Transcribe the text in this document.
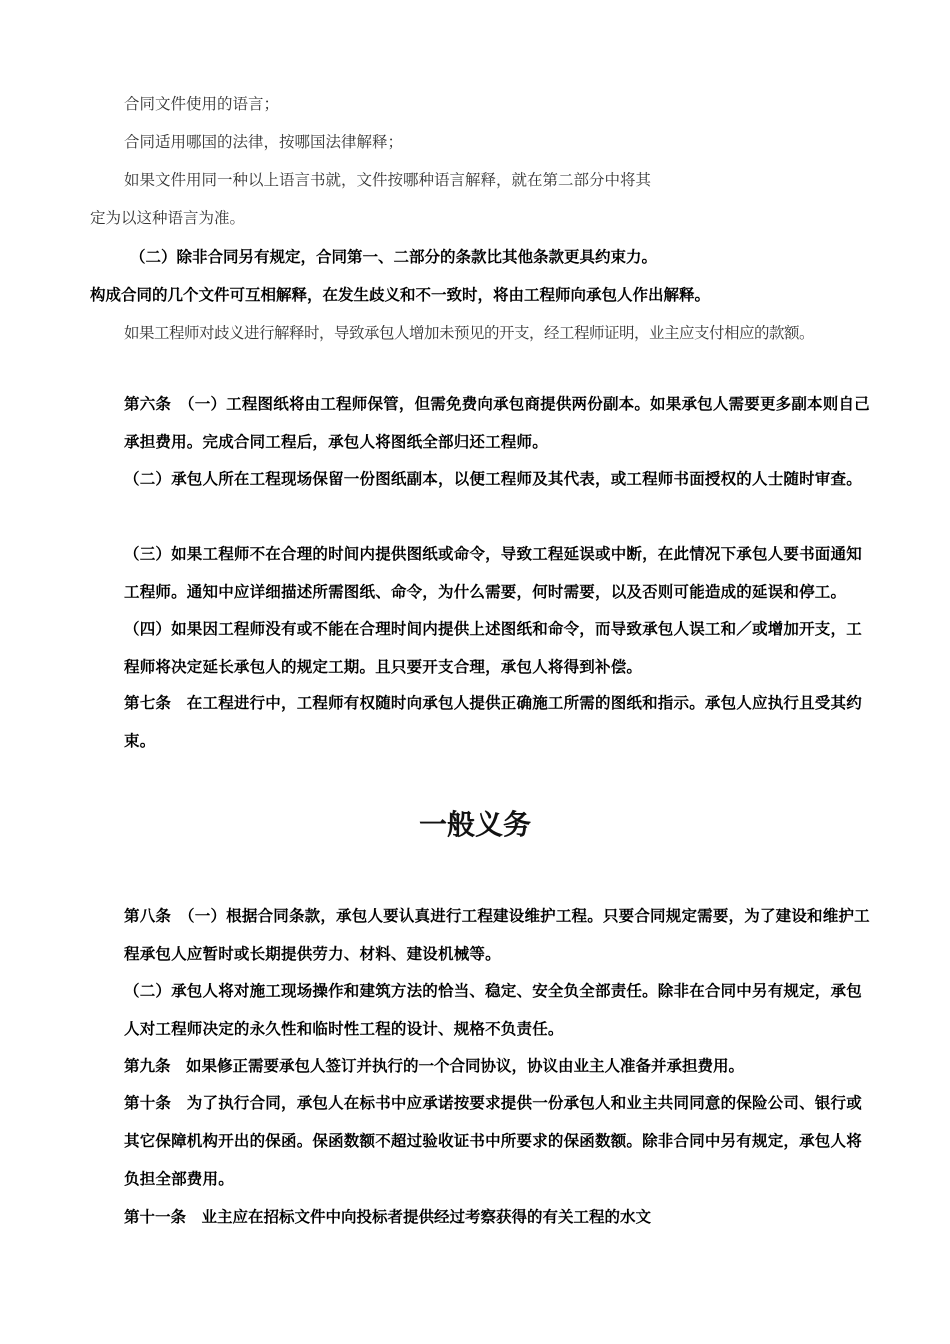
合同文件使用的语言；

合同适用哪国的法律，按哪国法律解释；

如果文件用同一种以上语言书就，文件按哪种语言解释，就在第二部分中将其

定为以这种语言为准。

（二）除非合同另有规定，合同第一、二部分的条款比其他条款更具约束力。

构成合同的几个文件可互相解释，在发生歧义和不一致时，将由工程师向承包人作出解释。

如果工程师对歧义进行解释时，导致承包人增加未预见的开支，经工程师证明，业主应支付相应的款额。

第六条　（一）工程图纸将由工程师保管，但需免费向承包商提供两份副本。如果承包人需要更多副本则自己承担费用。完成合同工程后，承包人将图纸全部归还工程师。

（二）承包人所在工程现场保留一份图纸副本，以便工程师及其代表，或工程师书面授权的人士随时审查。

（三）如果工程师不在合理的时间内提供图纸或命令，导致工程延误或中断，在此情况下承包人要书面通知工程师。通知中应详细描述所需图纸、命令，为什么需要，何时需要，以及否则可能造成的延误和停工。

（四）如果因工程师没有或不能在合理时间内提供上述图纸和命令，而导致承包人误工和／或增加开支，工程师将决定延长承包人的规定工期。且只要开支合理，承包人将得到补偿。

第七条　在工程进行中，工程师有权随时向承包人提供正确施工所需的图纸和指示。承包人应执行且受其约束。

一般义务

第八条　（一）根据合同条款，承包人要认真进行工程建设维护工程。只要合同规定需要，为了建设和维护工程承包人应暂时或长期提供劳力、材料、建设机械等。

（二）承包人将对施工现场操作和建筑方法的恰当、稳定、安全负全部责任。除非在合同中另有规定，承包人对工程师决定的永久性和临时性工程的设计、规格不负责任。

第九条　如果修正需要承包人签订并执行的一个合同协议，协议由业主人准备并承担费用。

第十条　为了执行合同，承包人在标书中应承诺按要求提供一份承包人和业主共同同意的保险公司、银行或其它保障机构开出的保函。保函数额不超过验收证书中所要求的保函数额。除非合同中另有规定，承包人将负担全部费用。

第十一条　业主应在招标文件中向投标者提供经过考察获得的有关工程的水文
